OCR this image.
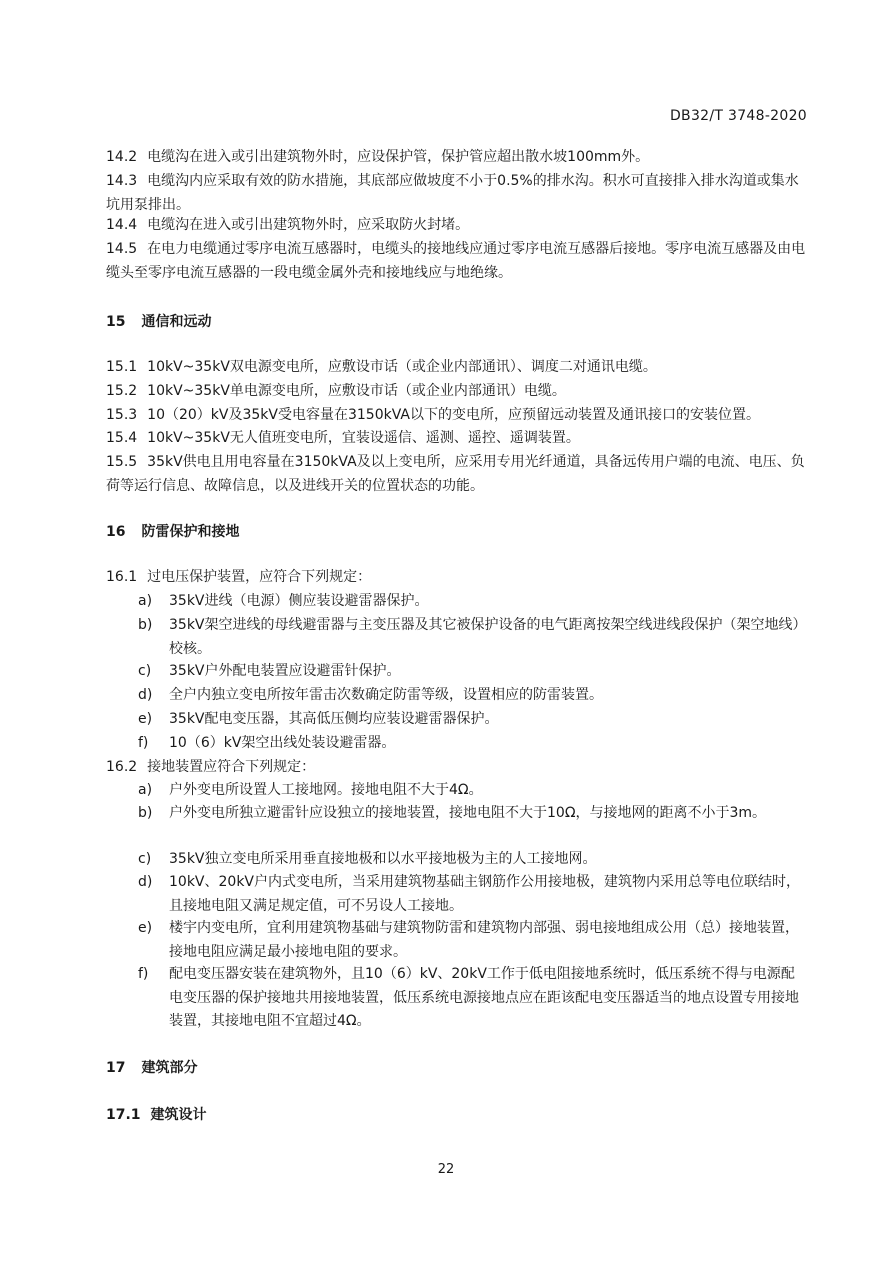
DB32/T 3748-2020
14.2 电缆沟在进入或引出建筑物外时，应设保护管，保护管应超出散水坡100mm外。
14.3 电缆沟内应采取有效的防水措施，其底部应做坡度不小于0.5%的排水沟。积水可直接排入排水沟道或集水坑用泵排出。
14.4 电缆沟在进入或引出建筑物外时，应采取防火封堵。
14.5 在电力电缆通过零序电流互感器时，电缆头的接地线应通过零序电流互感器后接地。零序电流互感器及由电缆头至零序电流互感器的一段电缆金属外壳和接地线应与地绝缘。
15 通信和远动
15.1 10kV~35kV双电源变电所，应敷设市话（或企业内部通讯）、调度二对通讯电缆。
15.2 10kV~35kV单电源变电所，应敷设市话（或企业内部通讯）电缆。
15.3 10（20）kV及35kV受电容量在3150kVA以下的变电所，应预留远动装置及通讯接口的安装位置。
15.4 10kV~35kV无人值班变电所，宜装设遥信、遥测、遥控、遥调装置。
15.5 35kV供电且用电容量在3150kVA及以上变电所，应采用专用光纤通道，具备远传用户端的电流、电压、负荷等运行信息、故障信息，以及进线开关的位置状态的功能。
16 防雷保护和接地
16.1 过电压保护装置，应符合下列规定：
a) 35kV进线（电源）侧应装设避雷器保护。
b) 35kV架空进线的母线避雷器与主变压器及其它被保护设备的电气距离按架空线进线段保护（架空地线）校核。
c) 35kV户外配电装置应设避雷针保护。
d) 全户内独立变电所按年雷击次数确定防雷等级，设置相应的防雷装置。
e) 35kV配电变压器，其高低压侧均应装设避雷器保护。
f) 10（6）kV架空出线处装设避雷器。
16.2 接地装置应符合下列规定：
a) 户外变电所设置人工接地网。接地电阻不大于4Ω。
b) 户外变电所独立避雷针应设独立的接地装置，接地电阻不大于10Ω，与接地网的距离不小于3m。
c) 35kV独立变电所采用垂直接地极和以水平接地极为主的人工接地网。
d) 10kV、20kV户内式变电所，当采用建筑物基础主钢筋作公用接地极，建筑物内采用总等电位联结时，且接地电阻又满足规定值，可不另设人工接地。
e) 楼宇内变电所，宜利用建筑物基础与建筑物防雷和建筑物内部强、弱电接地组成公用（总）接地装置，接地电阻应满足最小接地电阻的要求。
f) 配电变压器安装在建筑物外，且10（6）kV、20kV工作于低电阻接地系统时，低压系统不得与电源配电变压器的保护接地共用接地装置，低压系统电源接地点应在距该配电变压器适当的地点设置专用接地装置，其接地电阻不宜超过4Ω。
17 建筑部分
17.1 建筑设计
22
